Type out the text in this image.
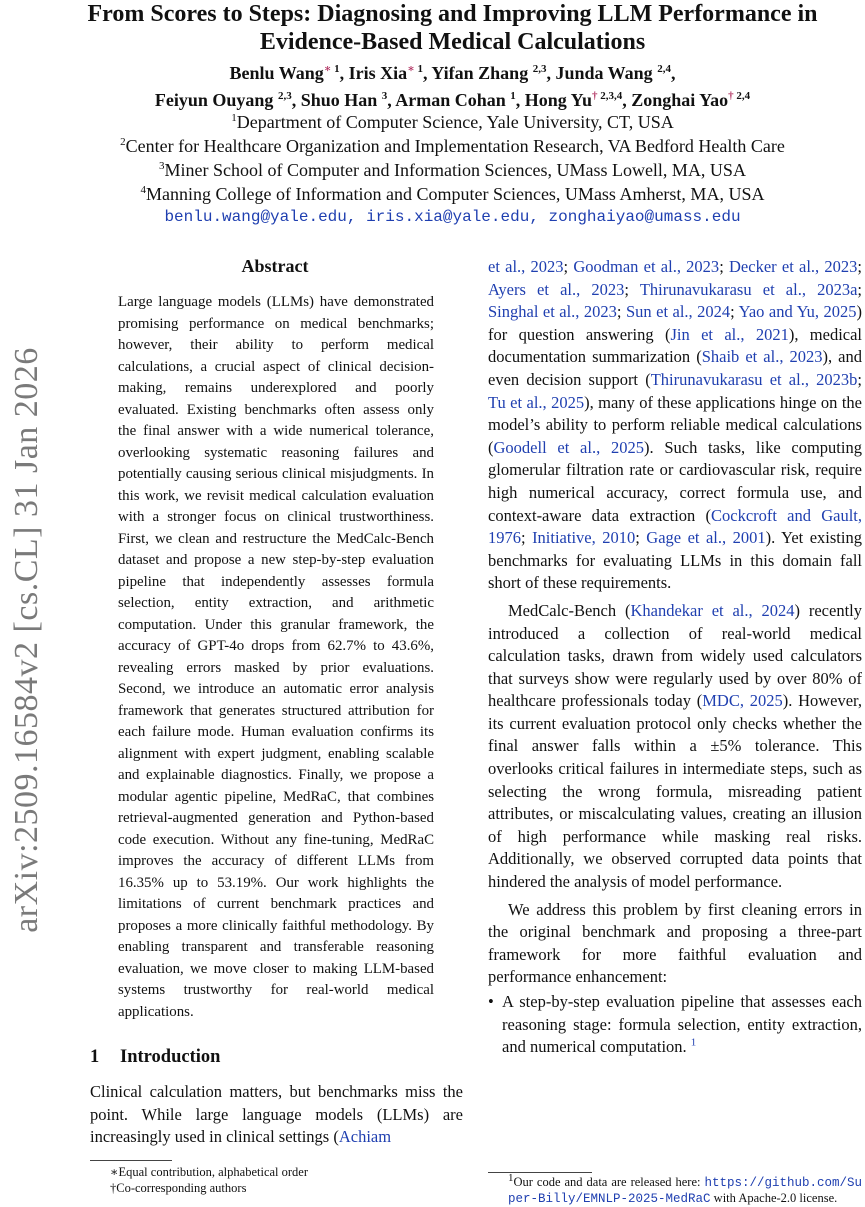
arXiv:2509.16584v2 [cs.CL] 31 Jan 2026
From Scores to Steps: Diagnosing and Improving LLM Performance in
Evidence-Based Medical Calculations
Benlu Wang$^{∗ 1}$, Iris Xia$^{∗ 1}$, Yifan Zhang $^{2,3}$, Junda Wang $^{2,4}$,
Feiyun Ouyang $^{2,3}$, Shuo Han $^3$, Arman Cohan $^1$, Hong Yu$^{\dagger 2,3,4}$, Zonghai Yao$^{\dagger 2,4}$
$^1$Department of Computer Science, Yale University, CT, USA
$^2$Center for Healthcare Organization and Implementation Research, VA Bedford Health Care
$^3$Miner School of Computer and Information Sciences, UMass Lowell, MA, USA
$^4$Manning College of Information and Computer Sciences, UMass Amherst, MA, USA
benlu.wang@yale.edu, iris.xia@yale.edu, zonghaiyao@umass.edu
Abstract
Large language models (LLMs) have demonstrated promising performance on medical benchmarks; however, their ability to perform medical calculations, a crucial aspect of clinical decision-making, remains underexplored and poorly evaluated. Existing benchmarks often assess only the final answer with a wide numerical tolerance, overlooking systematic reasoning failures and potentially causing serious clinical misjudgments. In this work, we revisit medical calculation evaluation with a stronger focus on clinical trustworthiness. First, we clean and restructure the MedCalc-Bench dataset and propose a new step-by-step evaluation pipeline that independently assesses formula selection, entity extraction, and arithmetic computation. Under this granular framework, the accuracy of GPT-4o drops from 62.7% to 43.6%, revealing errors masked by prior evaluations. Second, we introduce an automatic error analysis framework that generates structured attribution for each failure mode. Human evaluation confirms its alignment with expert judgment, enabling scalable and explainable diagnostics. Finally, we propose a modular agentic pipeline, MedRaC, that combines retrieval-augmented generation and Python-based code execution. Without any fine-tuning, MedRaC improves the accuracy of different LLMs from 16.35% up to 53.19%. Our work highlights the limitations of current benchmark practices and proposes a more clinically faithful methodology. By enabling transparent and transferable reasoning evaluation, we move closer to making LLM-based systems trustworthy for real-world medical applications.
1 Introduction
Clinical calculation matters, but benchmarks miss the point. While large language models (LLMs) are increasingly used in clinical settings (Achiam
∗Equal contribution, alphabetical order
†Co-corresponding authors

et al., 2023; Goodman et al., 2023; Decker et al., 2023; Ayers et al., 2023; Thirunavukarasu et al., 2023a; Singhal et al., 2023; Sun et al., 2024; Yao and Yu, 2025) for question answering (Jin et al., 2021), medical documentation summarization (Shaib et al., 2023), and even decision support (Thirunavukarasu et al., 2023b; Tu et al., 2025), many of these applications hinge on the model’s ability to perform reliable medical calculations (Goodell et al., 2025). Such tasks, like computing glomerular filtration rate or cardiovascular risk, require high numerical accuracy, correct formula use, and context-aware data extraction (Cockcroft and Gault, 1976; Initiative, 2010; Gage et al., 2001). Yet existing benchmarks for evaluating LLMs in this domain fall short of these requirements.

MedCalc-Bench (Khandekar et al., 2024) recently introduced a collection of real-world medical calculation tasks, drawn from widely used calculators that surveys show were regularly used by over 80% of healthcare professionals today (MDC, 2025). However, its current evaluation protocol only checks whether the final answer falls within a ±5% tolerance. This overlooks critical failures in intermediate steps, such as selecting the wrong formula, misreading patient attributes, or miscalculating values, creating an illusion of high performance while masking real risks. Additionally, we observed corrupted data points that hindered the analysis of model performance.

We address this problem by first cleaning errors in the original benchmark and proposing a three-part framework for more faithful evaluation and performance enhancement:

• A step-by-step evaluation pipeline that assesses each reasoning stage: formula selection, entity extraction, and numerical computation. $^1$
$^1$Our code and data are released here: https://github.com/Super-Billy/EMNLP-2025-MedRaC with Apache-2.0 license.
